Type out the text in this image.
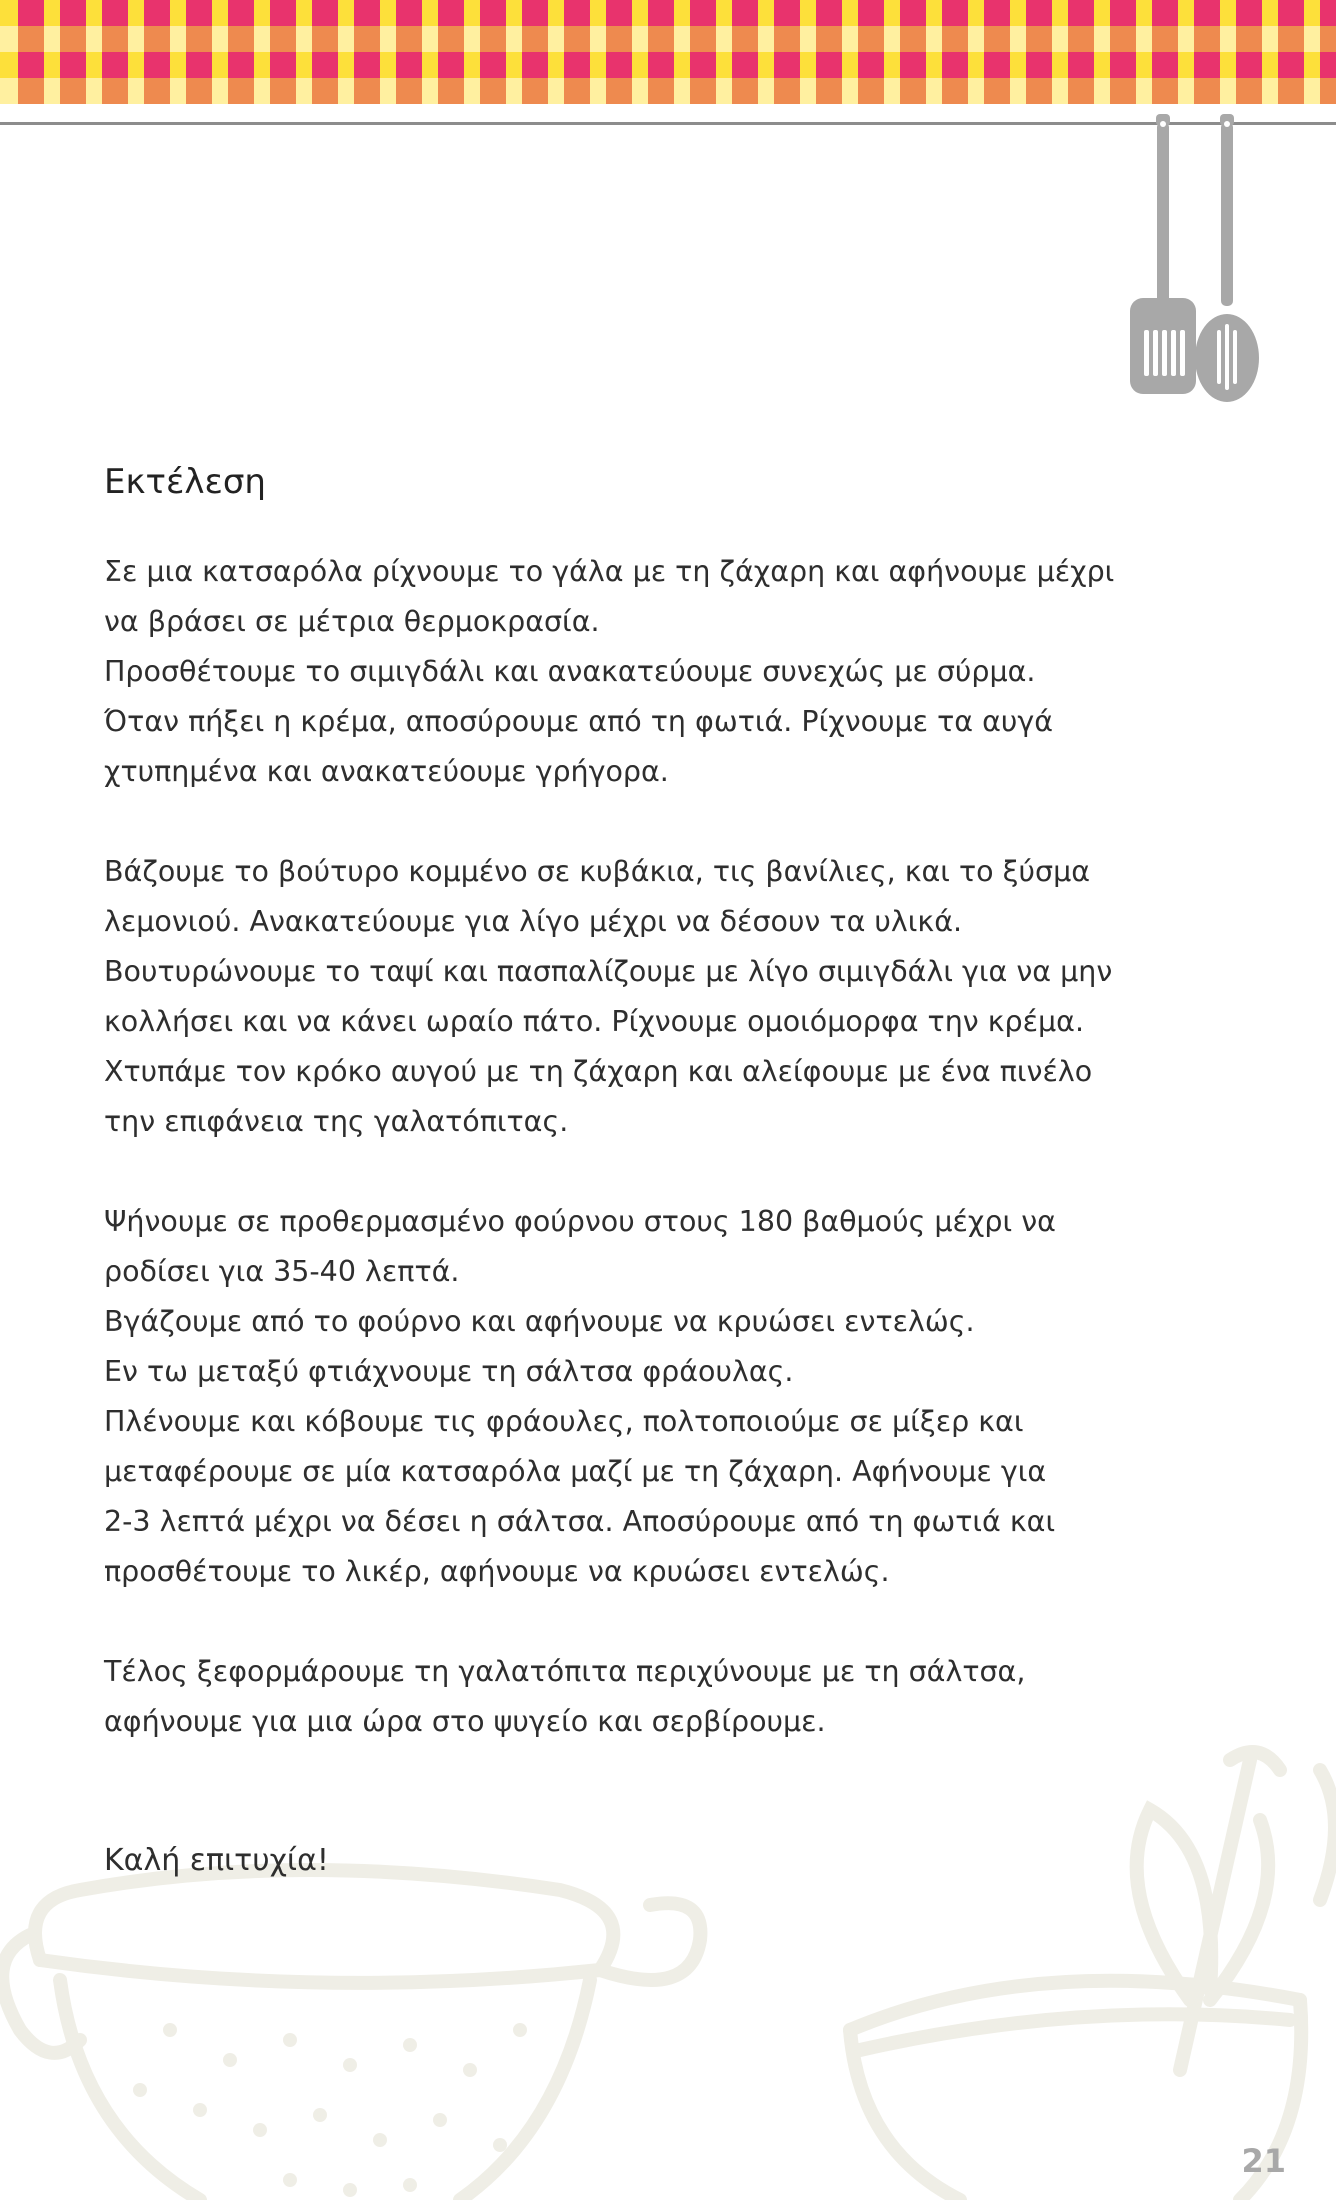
Εκτέλεση

Σε μια κατσαρόλα ρίχνουμε το γάλα με τη ζάχαρη και αφήνουμε μέχρι
να βράσει σε μέτρια θερμοκρασία.
Προσθέτουμε το σιμιγδάλι και ανακατεύουμε συνεχώς με σύρμα.
Όταν πήξει η κρέμα, αποσύρουμε από τη φωτιά. Ρίχνουμε τα αυγά
χτυπημένα και ανακατεύουμε γρήγορα.

Βάζουμε το βούτυρο κομμένο σε κυβάκια, τις βανίλιες, και το ξύσμα
λεμονιού. Ανακατεύουμε για λίγο μέχρι να δέσουν τα υλικά.
Βουτυρώνουμε το ταψί και πασπαλίζουμε με λίγο σιμιγδάλι για να μην
κολλήσει και να κάνει ωραίο πάτο. Ρίχνουμε ομοιόμορφα την κρέμα.
Χτυπάμε τον κρόκο αυγού με τη ζάχαρη και αλείφουμε με ένα πινέλο
την επιφάνεια της γαλατόπιτας.

Ψήνουμε σε προθερμασμένο φούρνου στους 180 βαθμούς μέχρι να
ροδίσει για 35-40 λεπτά.
Βγάζουμε από το φούρνο και αφήνουμε να κρυώσει εντελώς.
Εν τω μεταξύ φτιάχνουμε τη σάλτσα φράουλας.
Πλένουμε και κόβουμε τις φράουλες, πολτοποιούμε σε μίξερ και
μεταφέρουμε σε μία κατσαρόλα μαζί με τη ζάχαρη. Αφήνουμε για
2-3 λεπτά μέχρι να δέσει η σάλτσα. Αποσύρουμε από τη φωτιά και
προσθέτουμε το λικέρ, αφήνουμε να κρυώσει εντελώς.

Τέλος ξεφορμάρουμε τη γαλατόπιτα περιχύνουμε με τη σάλτσα,
αφήνουμε για μια ώρα στο ψυγείο και σερβίρουμε.

Καλή επιτυχία!

21
